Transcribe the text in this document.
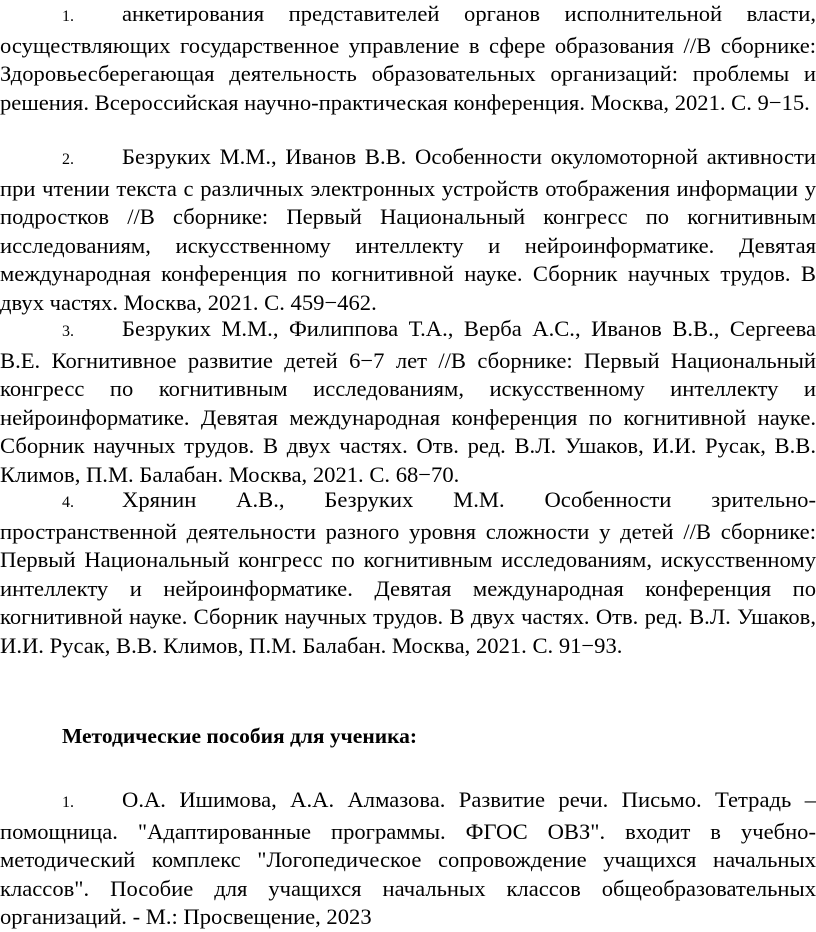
1. анкетирования представителей органов исполнительной власти, осуществляющих государственное управление в сфере образования //В сборнике: Здоровьесберегающая деятельность образовательных организаций: проблемы и решения. Всероссийская научно-практическая конференция. Москва, 2021. С. 9−15.

2. Безруких М.М., Иванов В.В. Особенности окуломоторной активности при чтении текста с различных электронных устройств отображения информации у подростков //В сборнике: Первый Национальный конгресс по когнитивным исследованиям, искусственному интеллекту и нейроинформатике. Девятая международная конференция по когнитивной науке. Сборник научных трудов. В двух частях. Москва, 2021. С. 459−462.

3. Безруких М.М., Филиппова Т.А., Верба А.С., Иванов В.В., Сергеева В.Е. Когнитивное развитие детей 6−7 лет //В сборнике: Первый Национальный конгресс по когнитивным исследованиям, искусственному интеллекту и нейроинформатике. Девятая международная конференция по когнитивной науке. Сборник научных трудов. В двух частях. Отв. ред. В.Л. Ушаков, И.И. Русак, В.В. Климов, П.М. Балабан. Москва, 2021. С. 68−70.

4. Хрянин А.В., Безруких М.М. Особенности зрительно-пространственной деятельности разного уровня сложности у детей //В сборнике: Первый Национальный конгресс по когнитивным исследованиям, искусственному интеллекту и нейроинформатике. Девятая международная конференция по когнитивной науке. Сборник научных трудов. В двух частях. Отв. ред. В.Л. Ушаков, И.И. Русак, В.В. Климов, П.М. Балабан. Москва, 2021. С. 91−93.

Методические пособия для ученика:

1. О.А. Ишимова, А.А. Алмазова. Развитие речи. Письмо. Тетрадь – помощница. "Адаптированные программы. ФГОС ОВЗ". входит в учебно-методический комплекс "Логопедическое сопровождение учащихся начальных классов". Пособие для учащихся начальных классов общеобразовательных организаций. - М.: Просвещение, 2023
